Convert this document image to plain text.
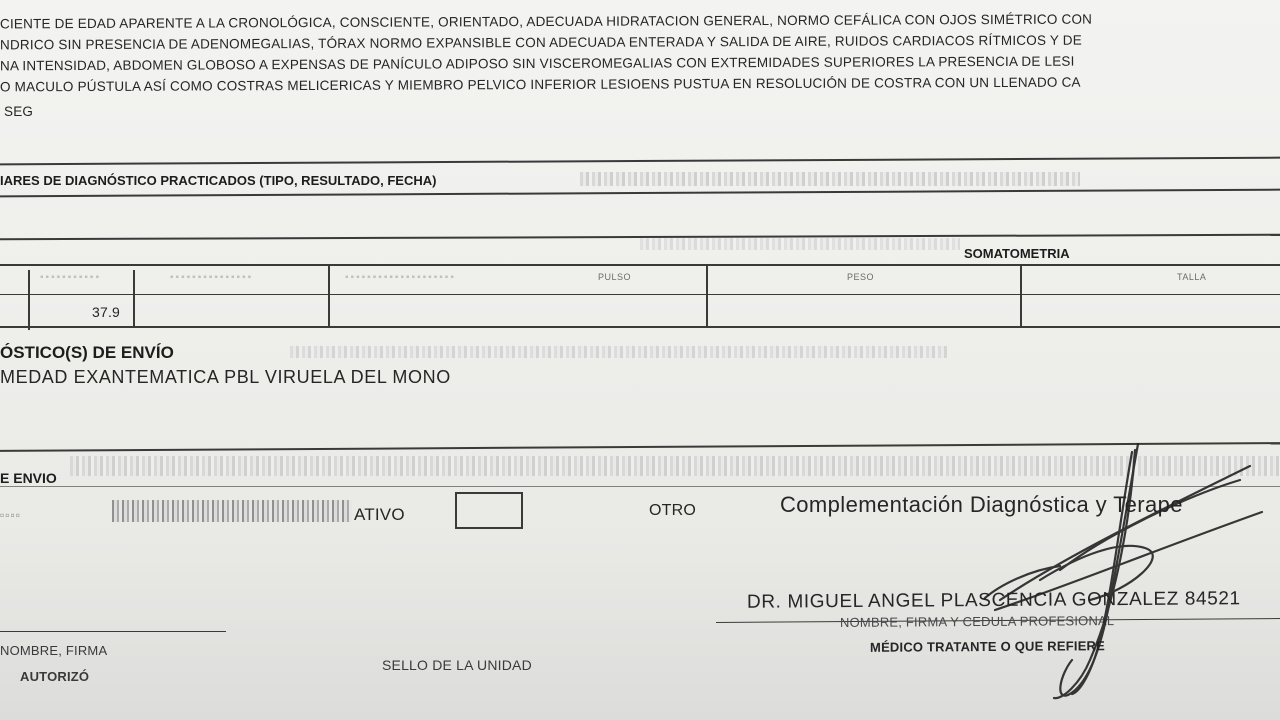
CIENTE DE EDAD APARENTE A LA CRONOLÓGICA, CONSCIENTE, ORIENTADO, ADECUADA HIDRATACION GENERAL, NORMO CEFÁLICA CON OJOS SIMÉTRICO CON
NDRICO SIN PRESENCIA DE ADENOMEGALIAS, TÓRAX NORMO EXPANSIBLE CON ADECUADA ENTERADA Y SALIDA DE AIRE, RUIDOS CARDIACOS RÍTMICOS Y DE
NA INTENSIDAD, ABDOMEN GLOBOSO A EXPENSAS DE PANÍCULO ADIPOSO SIN VISCEROMEGALIAS CON EXTREMIDADES SUPERIORES LA PRESENCIA DE LESI
O MACULO PÚSTULA ASÍ COMO COSTRAS MELICERICAS Y MIEMBRO PELVICO INFERIOR LESIOENS PUSTUA EN RESOLUCIÓN DE COSTRA CON UN LLENADO CA
SEG
IARES DE DIAGNÓSTICO PRACTICADOS (TIPO, RESULTADO, FECHA)
SOMATOMETRIA
▪▪▪▪▪▪▪▪▪▪▪	▪▪▪▪▪▪▪▪▪▪▪▪▪▪▪	▪▪▪▪▪▪▪▪▪▪▪▪▪▪▪▪▪▪▪▪	PULSO	PESO	TALLA
37.9
ÓSTICO(S) DE ENVÍO
MEDAD EXANTEMATICA PBL VIRUELA DEL MONO
E ENVIO
▫▫▫▫	ATIVO	OTRO	Complementación Diagnóstica y Terape
NOMBRE, FIRMA
AUTORIZÓ
SELLO DE LA UNIDAD
DR. MIGUEL ANGEL PLASCENCIA GONZALEZ 84521
NOMBRE, FIRMA Y CEDULA PROFESIONAL
MÉDICO TRATANTE O QUE REFIERE
